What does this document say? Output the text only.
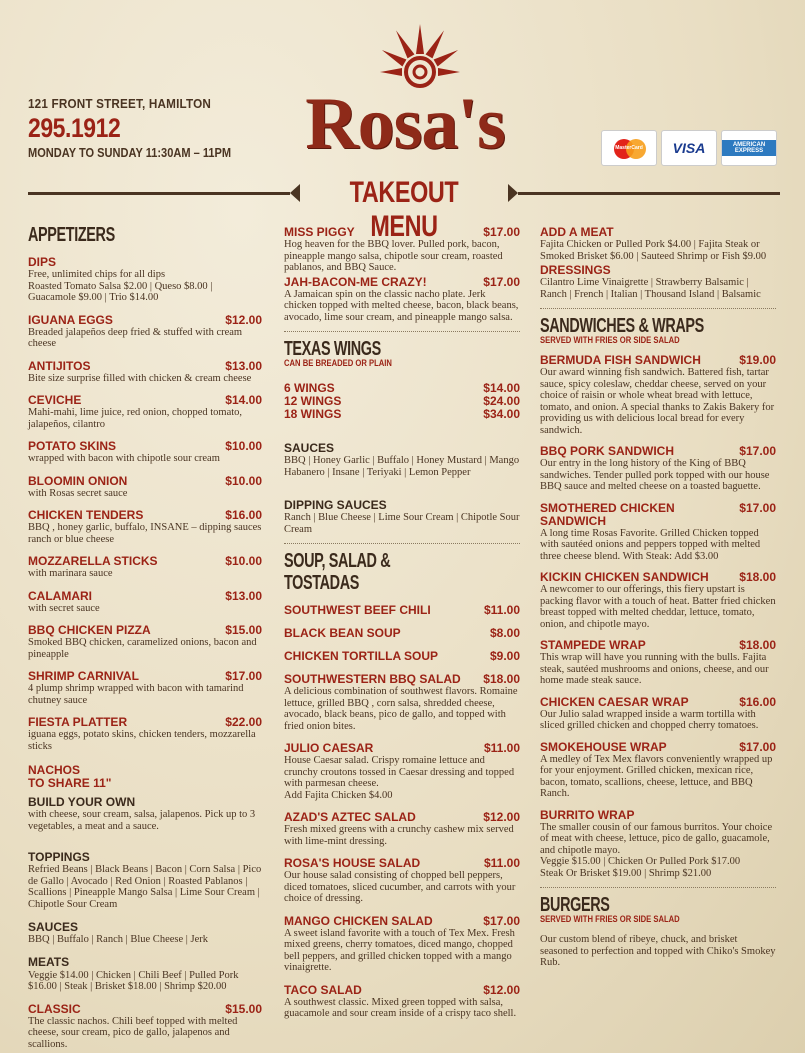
121 FRONT STREET, HAMILTON
295.1912
MONDAY TO SUNDAY 11:30AM – 11PM Rosa's	MasterCard VISA	AMERICAN EXPRESS
TAKEOUT MENU
APPETIZERS
DIPS
Free, unlimited chips for all dips
Roasted Tomato Salsa $2.00 | Queso $8.00 | Guacamole $9.00 | Trio $14.00
IGUANA EGGS	$12.00
Breaded jalapeños deep fried & stuffed with cream cheese
ANTIJITOS	$13.00
Bite size surprise filled with chicken & cream cheese
CEVICHE	$14.00
Mahi-mahi, lime juice, red onion, chopped tomato, jalapeños, cilantro
POTATO SKINS	$10.00
wrapped with bacon with chipotle sour cream
BLOOMIN ONION	$10.00
with Rosas secret sauce
CHICKEN TENDERS	$16.00
BBQ , honey garlic, buffalo, INSANE – dipping sauces ranch or blue cheese
MOZZARELLA STICKS	$10.00
with marinara sauce
CALAMARI	$13.00
with secret sauce
BBQ CHICKEN PIZZA	$15.00
Smoked BBQ chicken, caramelized onions, bacon and pineapple
SHRIMP CARNIVAL	$17.00
4 plump shrimp wrapped with bacon with tamarind chutney sauce
FIESTA PLATTER	$22.00
iguana eggs, potato skins, chicken tenders, mozzarella sticks
NACHOS
TO SHARE 11"
BUILD YOUR OWN
with cheese, sour cream, salsa, jalapenos. Pick up to 3 vegetables, a meat and a sauce.

TOPPINGS
Refried Beans | Black Beans | Bacon | Corn Salsa | Pico de Gallo | Avocado | Red Onion | Roasted Pablanos | Scallions | Pineapple Mango Salsa | Lime Sour Cream | Chipotle Sour Cream

SAUCES
BBQ | Buffalo | Ranch | Blue Cheese | Jerk

MEATS
Veggie $14.00 | Chicken | Chili Beef | Pulled Pork $16.00 | Steak | Brisket $18.00 | Shrimp $20.00

CLASSIC	$15.00
The classic nachos. Chili beef topped with melted cheese, sour cream, pico de gallo, jalapenos and scallions.
MISS PIGGY	$17.00
Hog heaven for the BBQ lover. Pulled pork, bacon, pineapple mango salsa, chipotle sour cream, roasted pablanos, and BBQ Sauce.
JAH-BACON-ME CRAZY!	$17.00
A Jamaican spin on the classic nacho plate. Jerk chicken topped with melted cheese, bacon, black beans, avocado, lime sour cream, and pineapple mango salsa.
TEXAS WINGS
CAN BE BREADED OR PLAIN
6 WINGS	$14.00
12 WINGS	$24.00
18 WINGS	$34.00

SAUCES
BBQ | Honey Garlic | Buffalo | Honey Mustard | Mango Habanero | Insane | Teriyaki | Lemon Pepper

DIPPING SAUCES
Ranch | Blue Cheese | Lime Sour Cream | Chipotle Sour Cream

SOUP, SALAD & TOSTADAS
SOUTHWEST BEEF CHILI	$11.00
BLACK BEAN SOUP	$8.00
CHICKEN TORTILLA SOUP	$9.00
SOUTHWESTERN BBQ SALAD $18.00
A delicious combination of southwest flavors. Romaine lettuce, grilled BBQ , corn salsa, shredded cheese, avocado, black beans, pico de gallo, and topped with fried onion bites.
JULIO CAESAR	$11.00
House Caesar salad. Crispy romaine lettuce and crunchy croutons tossed in Caesar dressing and topped with parmesan cheese.
Add Fajita Chicken $4.00
AZAD'S AZTEC SALAD	$12.00
Fresh mixed greens with a crunchy cashew mix served with lime-mint dressing.
ROSA'S HOUSE SALAD	$11.00
Our house salad consisting of chopped bell peppers, diced tomatoes, sliced cucumber, and carrots with your choice of dressing.
MANGO CHICKEN SALAD	$17.00
A sweet island favorite with a touch of Tex Mex. Fresh mixed greens, cherry tomatoes, diced mango, chopped bell peppers, and grilled chicken topped with a mango vinaigrette.
TACO SALAD	$12.00
A southwest classic. Mixed green topped with salsa, guacamole and sour cream inside of a crispy taco shell.
ADD A MEAT
Fajita Chicken or Pulled Pork $4.00 | Fajita Steak or Smoked Brisket $6.00 | Sauteed Shrimp or Fish $9.00
DRESSINGS
Cilantro Lime Vinaigrette | Strawberry Balsamic | Ranch | French | Italian | Thousand Island | Balsamic
SANDWICHES & WRAPS
SERVED WITH FRIES OR SIDE SALAD
BERMUDA FISH SANDWICH	$19.00
Our award winning fish sandwich. Battered fish, tartar sauce, spicy coleslaw, cheddar cheese, served on your choice of raisin or whole wheat bread with lettuce, tomato, and onion. A special thanks to Zakis Bakery for providing us with delicious local bread for every sandwich.
BBQ PORK SANDWICH	$17.00
Our entry in the long history of the King of BBQ sandwiches. Tender pulled pork topped with our house BBQ sauce and melted cheese on a toasted baguette.
SMOTHERED CHICKEN SANDWICH
$17.00
A long time Rosas Favorite. Grilled Chicken topped with sautéed onions and peppers topped with melted three cheese blend. With Steak: Add $3.00
KICKIN CHICKEN SANDWICH	$18.00
A newcomer to our offerings, this fiery upstart is packing flavor with a touch of heat. Batter fried chicken breast topped with melted cheddar, lettuce, tomato, onion, and chipotle mayo.
STAMPEDE WRAP	$18.00
This wrap will have you running with the bulls. Fajita steak, sautéed mushrooms and onions, cheese, and our home made steak sauce.
CHICKEN CAESAR WRAP	$16.00
Our Julio salad wrapped inside a warm tortilla with sliced grilled chicken and chopped cherry tomatoes.
SMOKEHOUSE WRAP	$17.00
A medley of Tex Mex flavors conveniently wrapped up for your enjoyment. Grilled chicken, mexican rice, bacon, tomato, scallions, cheese, lettuce, and BBQ Ranch.
BURRITO WRAP
The smaller cousin of our famous burritos. Your choice of meat with cheese, lettuce, pico de gallo, guacamole, and chipotle mayo.
Veggie $15.00 | Chicken Or Pulled Pork $17.00
Steak Or Brisket $19.00 | Shrimp $21.00
BURGERS
SERVED WITH FRIES OR SIDE SALAD
Our custom blend of ribeye, chuck, and brisket seasoned to perfection and topped with Chiko's Smokey Rub.
